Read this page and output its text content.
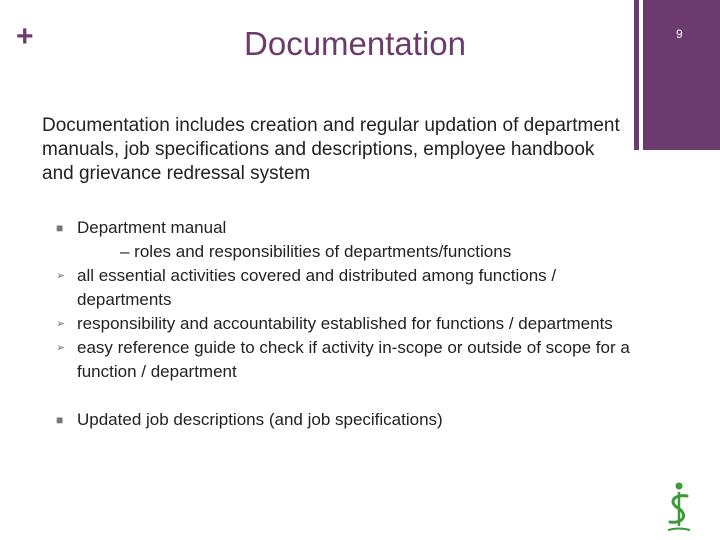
+	Documentation	9
Documentation includes creation and regular updation of department manuals, job specifications and descriptions, employee handbook and grievance redressal system
■ Department manual
– roles and responsibilities of departments/functions
➢ all essential activities covered and distributed among functions / departments
➢ responsibility and accountability established for functions / departments
➢ easy reference guide to check if activity in-scope or outside of scope for a function / department
■ Updated job descriptions (and job specifications)
